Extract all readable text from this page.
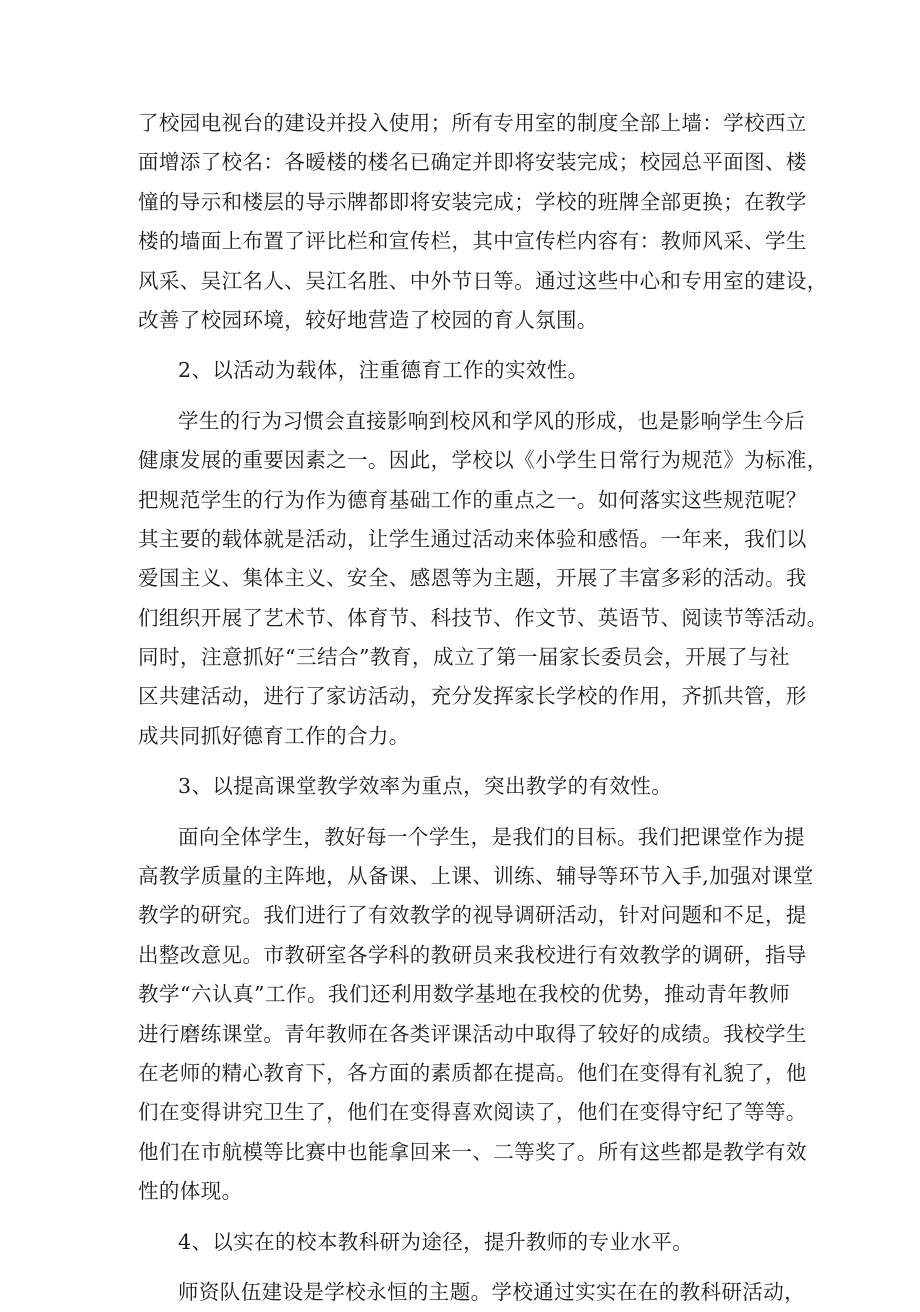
了校园电视台的建设并投入使用；所有专用室的制度全部上墙：学校西立
面增添了校名：各暧楼的楼名已确定并即将安装完成；校园总平面图、楼
憧的导示和楼层的导示牌都即将安装完成；学校的班牌全部更换；在教学
楼的墙面上布置了评比栏和宣传栏，其中宣传栏内容有：教师风采、学生
风采、吴江名人、吴江名胜、中外节日等。通过这些中心和专用室的建设，
改善了校园环境，较好地营造了校园的育人氛围。
2、以活动为载体，注重德育工作的实效性。
学生的行为习惯会直接影响到校风和学风的形成，也是影响学生今后
健康发展的重要因素之一。因此，学校以《小学生日常行为规范》为标准，
把规范学生的行为作为德育基础工作的重点之一。如何落实这些规范呢？
其主要的载体就是活动，让学生通过活动来体验和感悟。一年来，我们以
爱国主义、集体主义、安全、感恩等为主题，开展了丰富多彩的活动。我
们组织开展了艺术节、体育节、科技节、作文节、英语节、阅读节等活动。
同时，注意抓好“三结合”教育，成立了第一届家长委员会，开展了与社
区共建活动，进行了家访活动，充分发挥家长学校的作用，齐抓共管，形
成共同抓好德育工作的合力。
3、以提高课堂教学效率为重点，突出教学的有效性。
面向全体学生，教好每一个学生，是我们的目标。我们把课堂作为提
高教学质量的主阵地，从备课、上课、训练、辅导等环节入手,加强对课堂
教学的研究。我们进行了有效教学的视导调研活动，针对问题和不足，提
出整改意见。市教研室各学科的教研员来我校进行有效教学的调研，指导
教学“六认真”工作。我们还利用数学基地在我校的优势，推动青年教师
进行磨练课堂。青年教师在各类评课活动中取得了较好的成绩。我校学生
在老师的精心教育下，各方面的素质都在提高。他们在变得有礼貌了，他
们在变得讲究卫生了，他们在变得喜欢阅读了，他们在变得守纪了等等。
他们在市航模等比赛中也能拿回来一、二等奖了。所有这些都是教学有效
性的体现。
4、以实在的校本教科研为途径，提升教师的专业水平。
师资队伍建设是学校永恒的主题。学校通过实实在在的教科研活动，
